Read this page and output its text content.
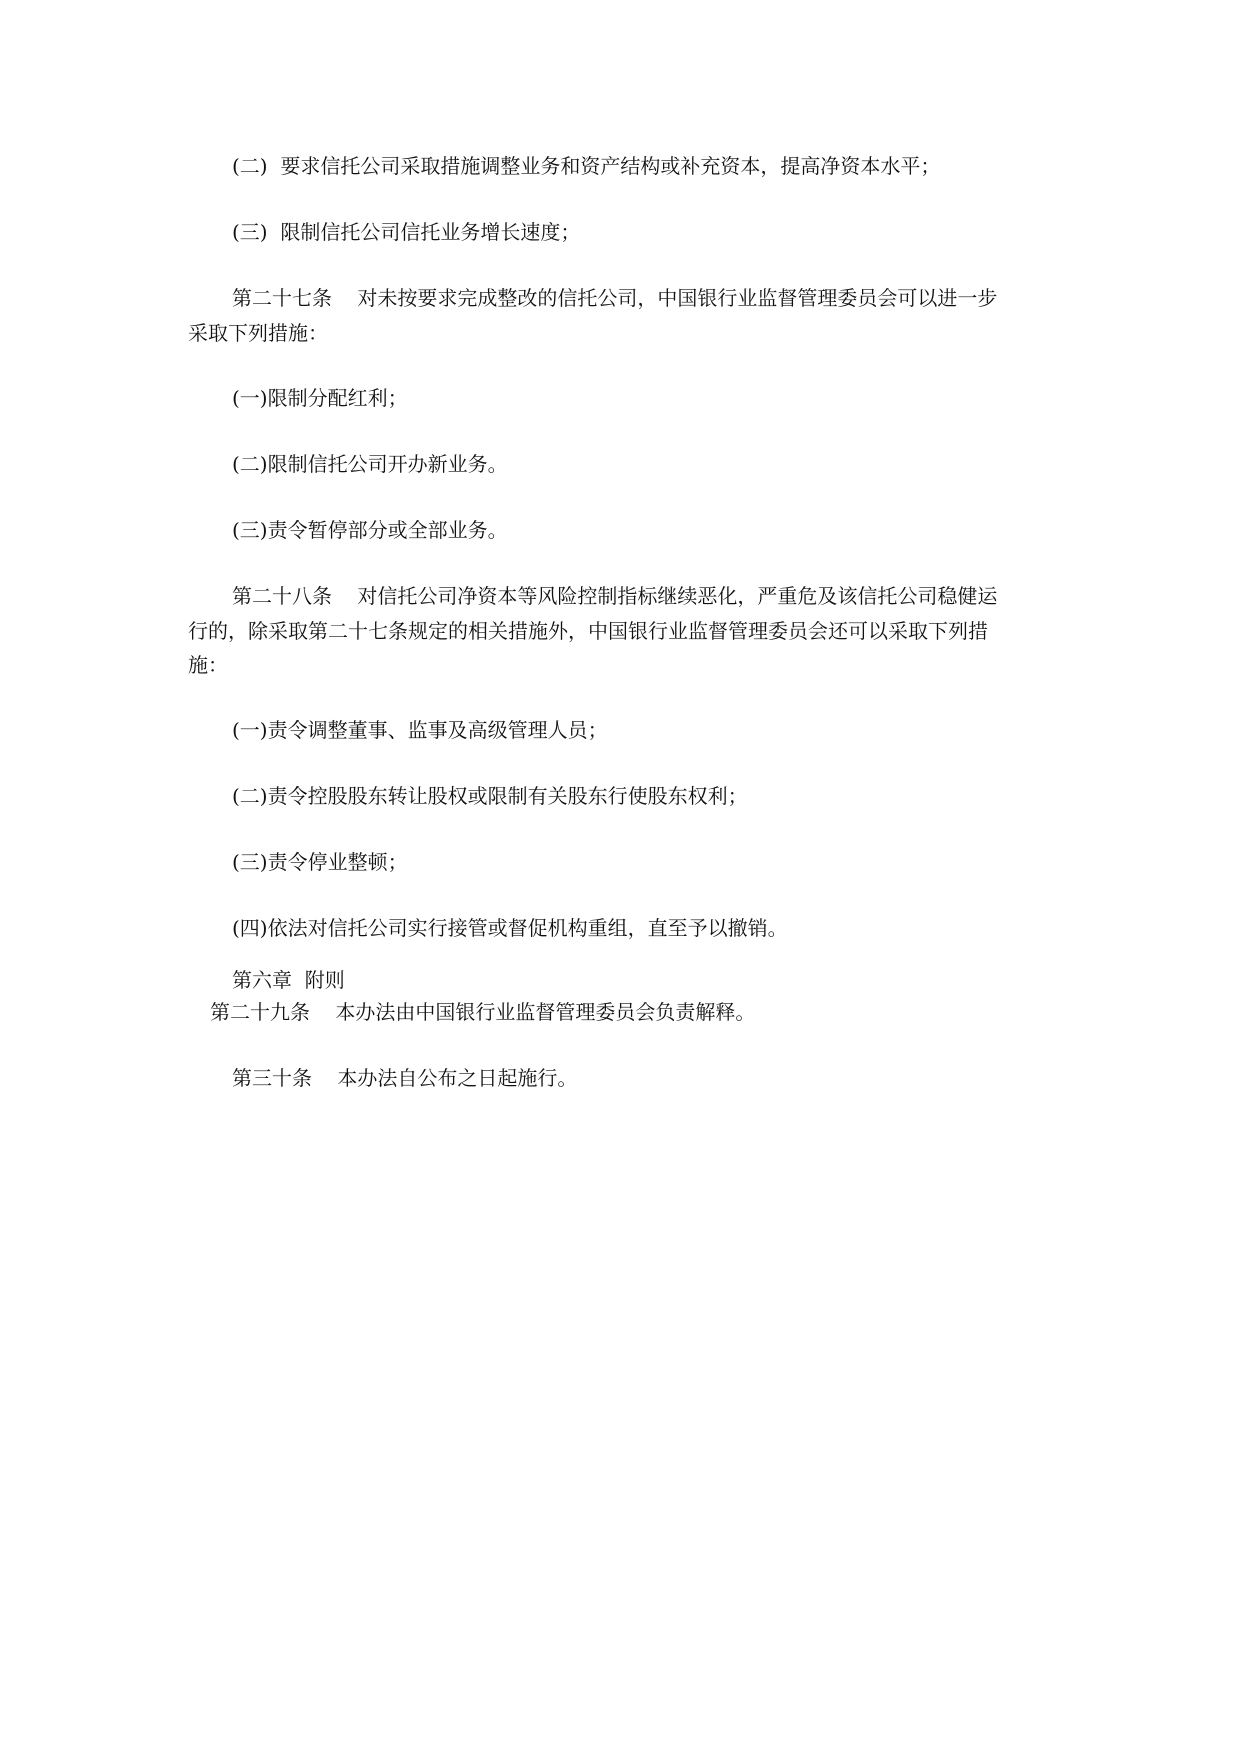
(二)  要求信托公司采取措施调整业务和资产结构或补充资本，提高净资本水平；

(三)  限制信托公司信托业务增长速度；

第二十七条    对未按要求完成整改的信托公司，中国银行业监督管理委员会可以进一步

采取下列措施：

(一)限制分配红利；

(二)限制信托公司开办新业务。

(三)责令暂停部分或全部业务。

第二十八条    对信托公司净资本等风险控制指标继续恶化，严重危及该信托公司稳健运

行的，除采取第二十七条规定的相关措施外，中国银行业监督管理委员会还可以采取下列措

施：

(一)责令调整董事、监事及高级管理人员；

(二)责令控股股东转让股权或限制有关股东行使股东权利；

(三)责令停业整顿；

(四)依法对信托公司实行接管或督促机构重组，直至予以撤销。

第六章  附则

第二十九条    本办法由中国银行业监督管理委员会负责解释。

第三十条    本办法自公布之日起施行。
